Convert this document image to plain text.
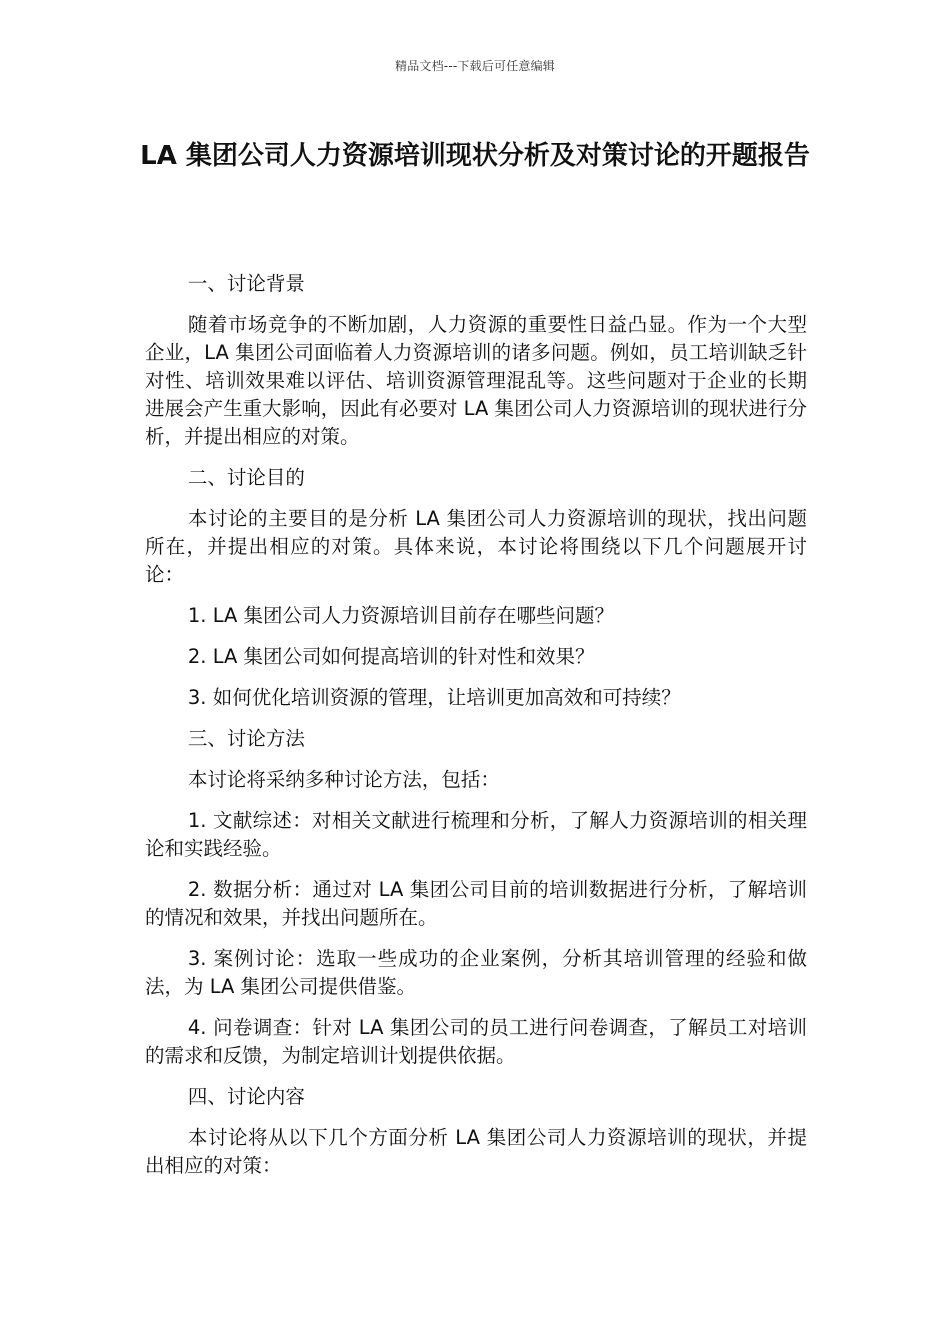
精品文档---下载后可任意编辑
LA 集团公司人力资源培训现状分析及对策讨论的开题报告

一、讨论背景

随着市场竞争的不断加剧，人力资源的重要性日益凸显。作为一个大型企业，LA 集团公司面临着人力资源培训的诸多问题。例如，员工培训缺乏针对性、培训效果难以评估、培训资源管理混乱等。这些问题对于企业的长期进展会产生重大影响，因此有必要对 LA 集团公司人力资源培训的现状进行分析，并提出相应的对策。

二、讨论目的

本讨论的主要目的是分析 LA 集团公司人力资源培训的现状，找出问题所在，并提出相应的对策。具体来说，本讨论将围绕以下几个问题展开讨论：

1. LA 集团公司人力资源培训目前存在哪些问题？

2. LA 集团公司如何提高培训的针对性和效果？

3. 如何优化培训资源的管理，让培训更加高效和可持续？

三、讨论方法

本讨论将采纳多种讨论方法，包括：

1. 文献综述：对相关文献进行梳理和分析，了解人力资源培训的相关理论和实践经验。

2. 数据分析：通过对 LA 集团公司目前的培训数据进行分析，了解培训的情况和效果，并找出问题所在。

3. 案例讨论：选取一些成功的企业案例，分析其培训管理的经验和做法，为 LA 集团公司提供借鉴。

4. 问卷调查：针对 LA 集团公司的员工进行问卷调查，了解员工对培训的需求和反馈，为制定培训计划提供依据。

四、讨论内容

本讨论将从以下几个方面分析 LA 集团公司人力资源培训的现状，并提出相应的对策：
